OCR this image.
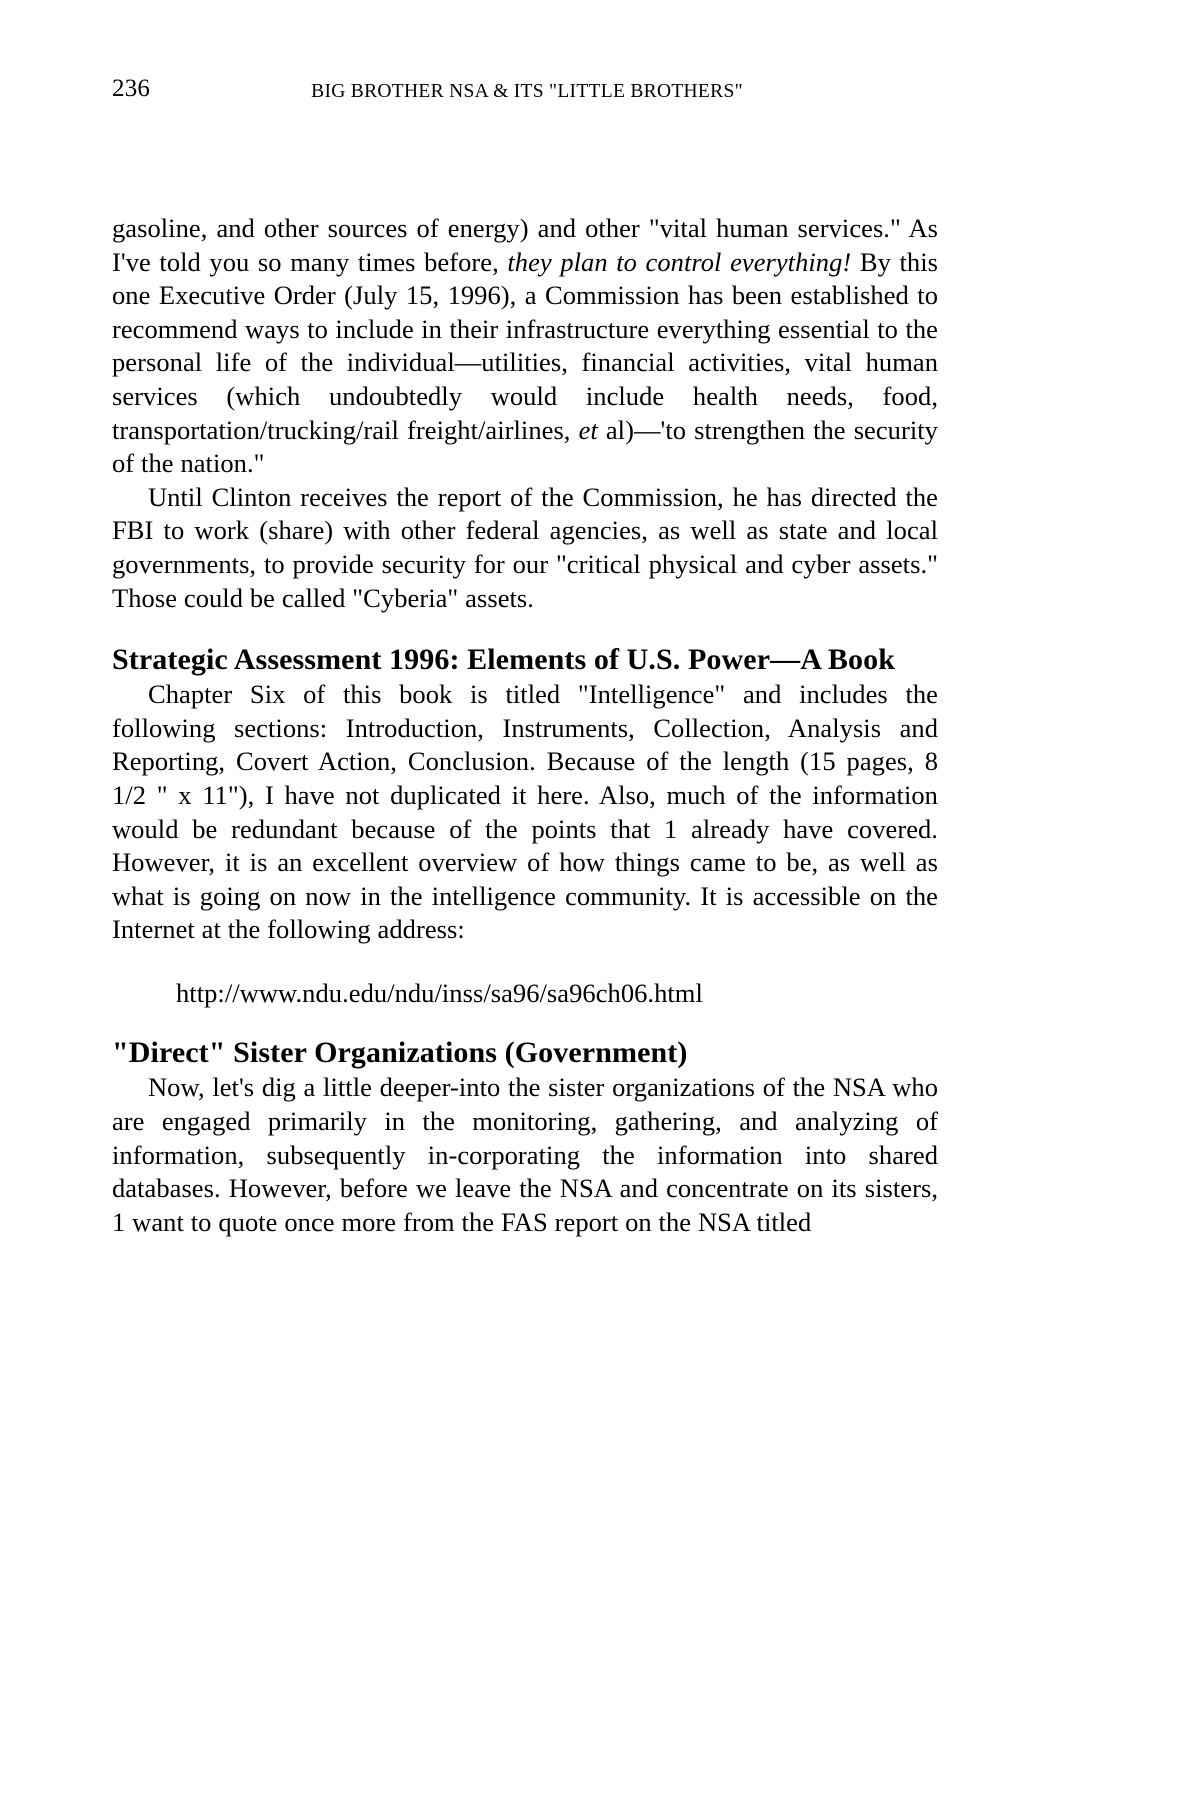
236	BIG BROTHER NSA & ITS "LITTLE BROTHERS"

gasoline, and other sources of energy) and other "vital human services." As I've told you so many times before, they plan to control everything! By this one Executive Order (July 15, 1996), a Commission has been established to recommend ways to include in their infrastructure everything essential to the personal life of the individual—utilities, financial activities, vital human services (which undoubtedly would include health needs, food, transportation/trucking/rail freight/airlines, et al)—'to strengthen the security of the nation."

Until Clinton receives the report of the Commission, he has directed the FBI to work (share) with other federal agencies, as well as state and local governments, to provide security for our "critical physical and cyber assets." Those could be called "Cyberia" assets.

Strategic Assessment 1996: Elements of U.S. Power—A Book

Chapter Six of this book is titled "Intelligence" and includes the following sections: Introduction, Instruments, Collection, Analysis and Reporting, Covert Action, Conclusion. Because of the length (15 pages, 8 1/2 " x 11"), I have not duplicated it here. Also, much of the information would be redundant because of the points that 1 already have covered. However, it is an excellent overview of how things came to be, as well as what is going on now in the intelligence community. It is accessible on the Internet at the following address:

http://www.ndu.edu/ndu/inss/sa96/sa96ch06.html

"Direct" Sister Organizations (Government)

Now, let's dig a little deeper-into the sister organizations of the NSA who are engaged primarily in the monitoring, gathering, and analyzing of information, subsequently in-corporating the information into shared databases. However, before we leave the NSA and concentrate on its sisters, 1 want to quote once more from the FAS report on the NSA titled
